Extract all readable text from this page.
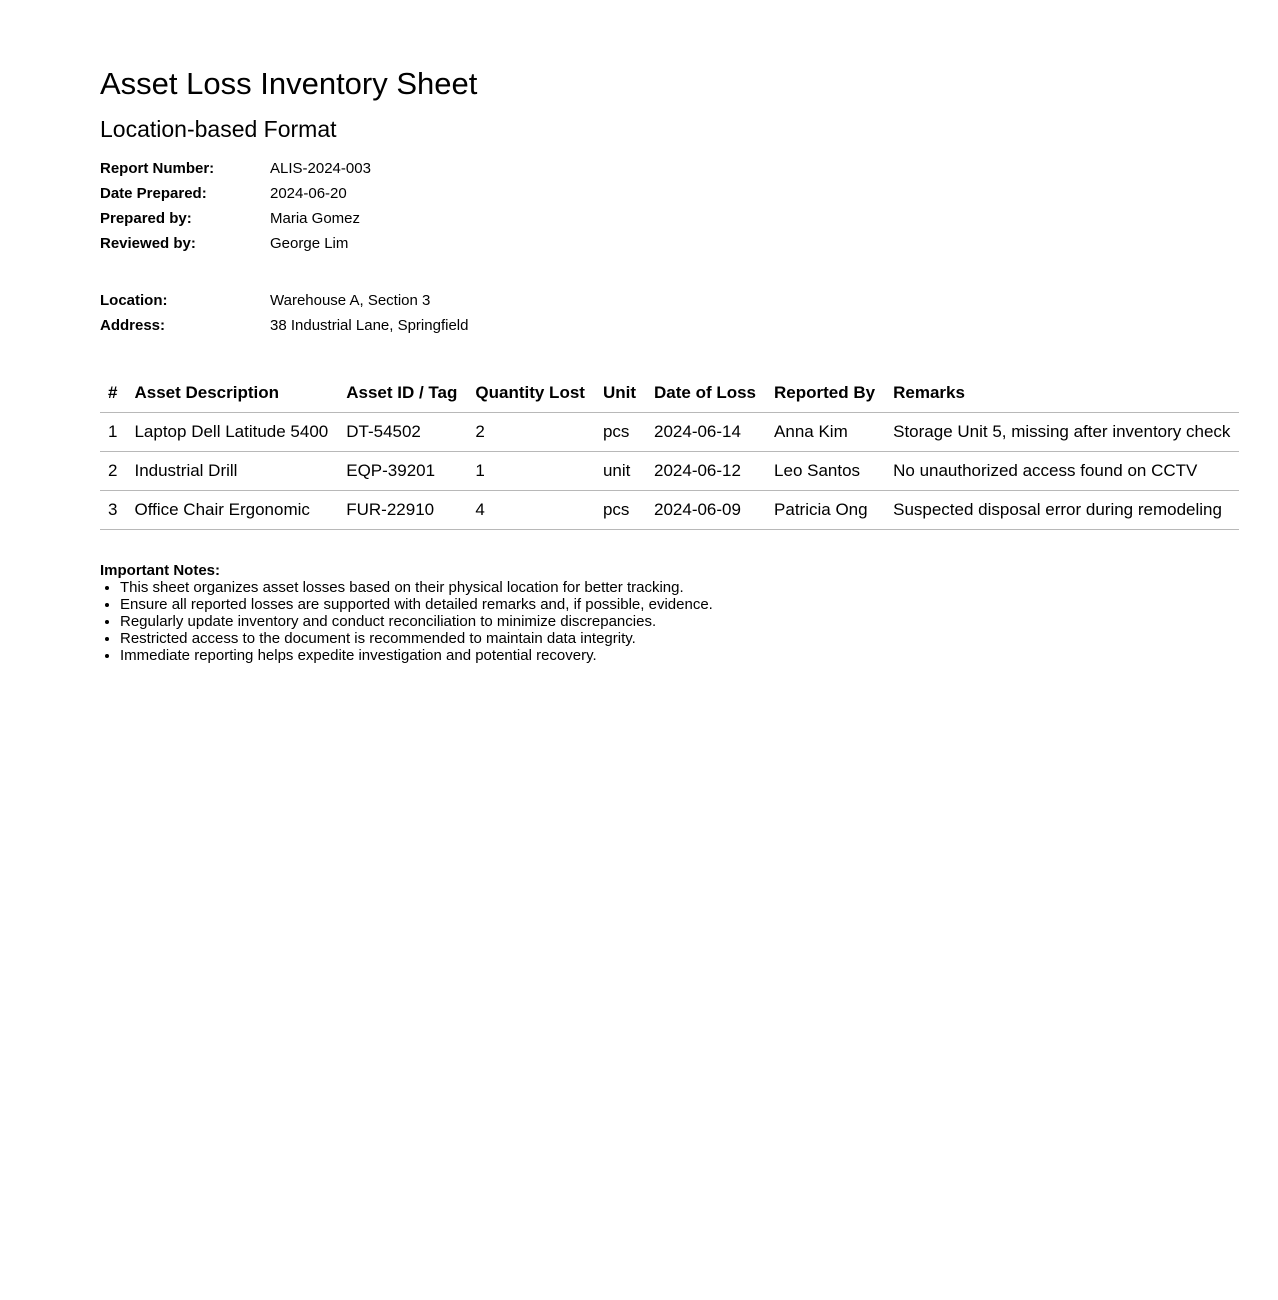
Asset Loss Inventory Sheet
Location-based Format
Report Number:	ALIS-2024-003
Date Prepared:	2024-06-20
Prepared by:	Maria Gomez
Reviewed by:	George Lim
Location:	Warehouse A, Section 3
Address:	38 Industrial Lane, Springfield
#	Asset Description	Asset ID / Tag	Quantity Lost	Unit	Date of Loss	Reported By	Remarks
1	Laptop Dell Latitude 5400	DT-54502	2	pcs	2024-06-14	Anna Kim	Storage Unit 5, missing after inventory check
2	Industrial Drill	EQP-39201	1	unit	2024-06-12	Leo Santos	No unauthorized access found on CCTV
3	Office Chair Ergonomic	FUR-22910	4	pcs	2024-06-09	Patricia Ong	Suspected disposal error during remodeling
Important Notes:
• This sheet organizes asset losses based on their physical location for better tracking.
• Ensure all reported losses are supported with detailed remarks and, if possible, evidence.
• Regularly update inventory and conduct reconciliation to minimize discrepancies.
• Restricted access to the document is recommended to maintain data integrity.
• Immediate reporting helps expedite investigation and potential recovery.
